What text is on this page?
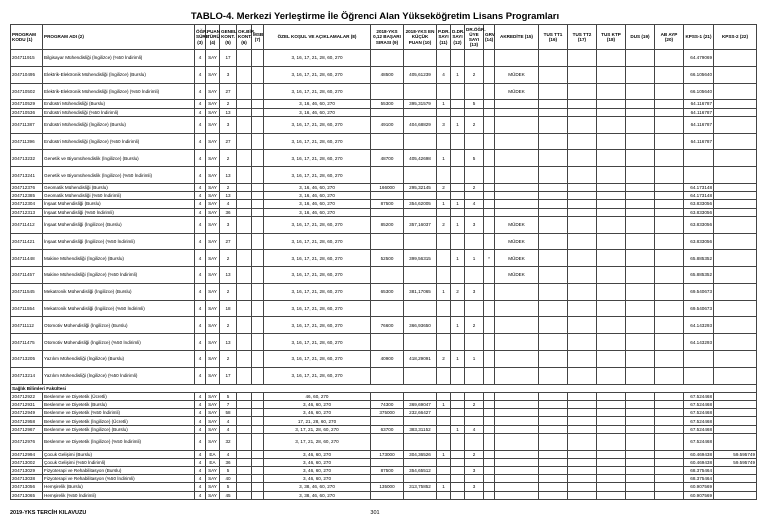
TABLO-4. Merkezi Yerleştirme İle Öğrenci Alan Yükseköğretim Lisans Programları
PROGRAM KODU (1)	PROGRAM ADI (2)	ÖĞR. SÜRE (3)	PUAN TÜRÜ (4)	GENEL KONT. (5)	OK.BİR. KONT. (6)	MSB (7)	ÖZEL KOŞUL VE AÇIKLAMALAR (8)	2018-YKS 0,12 BAŞARI SIRASI (9)	2018-YKS EN KÜÇÜK PUAN (10)	P.DR. SAYI (11)	D.DR. SAYI (12)	DR.ÖĞR. ÜYE SAYI (13)	GRV (14)	AKREDİTE (15)	TUS TT1 (16)	TUS TT2 (17)	TUS KTP (18)	DUS (19)	AB AYP (20)	KPSS-1 (21)	KPSS-2 (22)
204711915	Bilgisayar Mühendisliği (İngilizce) (%50 İndirimli)	4	SAY	17			3, 16, 17, 21, 28, 60, 270													64.479069	
204710495	Elektrik-Elektronik Mühendisliği (İngilizce) (Burslu)	4	SAY	3			3, 16, 17, 21, 28, 60, 270	48500	405,61239	4	1	2		MÜDEK						66.105640	
204710502	Elektrik-Elektronik Mühendisliği (İngilizce) (%50 İndirimli)	4	SAY	27			3, 16, 17, 21, 28, 60, 270							MÜDEK						66.105640	
204710529	Endüstri Mühendisliği (Burslu)	4	SAY	2			3, 16, 46, 60, 270	55300	395,31579	1		5								64.116787	
204710536	Endüstri Mühendisliği (%50 İndirimli)	4	SAY	13			3, 16, 46, 60, 270													64.116787	
204711387	Endüstri Mühendisliği (İngilizce) (Burslu)	4	SAY	3			3, 16, 17, 21, 28, 60, 270	49100	404,68829	3	1	2								64.116787	
204711396	Endüstri Mühendisliği (İngilizce) (%50 İndirimli)	4	SAY	27			3, 16, 17, 21, 28, 60, 270													64.116787	
204713232	Genetik ve Biyomühendislik (İngilizce) (Burslu)	4	SAY	2			3, 16, 17, 21, 28, 60, 270	48700	405,42698	1		5									
204713241	Genetik ve Biyomühendislik (İngilizce) (%50 İndirimli)	4	SAY	13			3, 16, 17, 21, 28, 60, 270														
204712376	Geomatik Mühendisliği (Burslu)	4	SAY	2			3, 16, 46, 60, 270	166000	295,32145	2		2								64.173148	
204712385	Geomatik Mühendisliği (%50 İndirimli)	4	SAY	13			3, 16, 46, 60, 270													64.173148	
204712304	İnşaat Mühendisliği (Burslu)	4	SAY	4			3, 16, 46, 60, 270	87500	354,62005	1	1	4								63.833056	
204712313	İnşaat Mühendisliği (%50 İndirimli)	4	SAY	36			3, 16, 46, 60, 270													63.833056	
204711412	İnşaat Mühendisliği (İngilizce) (Burslu)	4	SAY	3			3, 16, 17, 21, 28, 60, 270	85200	357,16037	2	1	3		MÜDEK						63.833056	
204711421	İnşaat Mühendisliği (İngilizce) (%50 İndirimli)	4	SAY	27			3, 16, 17, 21, 28, 60, 270							MÜDEK						63.833056	
204711448	Makine Mühendisliği (İngilizce) (Burslu)	4	SAY	2			3, 16, 17, 21, 28, 60, 270	52500	399,56315		1	1	*	MÜDEK						65.885352	
204711457	Makine Mühendisliği (İngilizce) (%50 İndirimli)	4	SAY	13			3, 16, 17, 21, 28, 60, 270							MÜDEK						65.885352	
204711545	Mekatronik Mühendisliği (İngilizce) (Burslu)	4	SAY	2			3, 16, 17, 21, 28, 60, 270	65300	381,17065	1	2	3								69.540673	
204711554	Mekatronik Mühendisliği (İngilizce) (%50 İndirimli)	4	SAY	18			3, 16, 17, 21, 28, 60, 270													69.540673	
204711112	Otomotiv Mühendisliği (İngilizce) (Burslu)	4	SAY	2			3, 16, 17, 21, 28, 60, 270	76600	366,93650		1	2								64.143293	
204711475	Otomotiv Mühendisliği (İngilizce) (%50 İndirimli)	4	SAY	13			3, 16, 17, 21, 28, 60, 270													64.143293	
204713205	Yazılım Mühendisliği (İngilizce) (Burslu)	4	SAY	2			3, 16, 17, 21, 28, 60, 270	40900	418,29091	2	1	1									
204713214	Yazılım Mühendisliği (İngilizce) (%50 İndirimli)	4	SAY	17			3, 16, 17, 21, 28, 60, 270														
Sağlık Bilimleri Fakültesi																					
204712922	Beslenme ve Diyetetik (Ücretli)	4	SAY	5			46, 60, 270													67.524468	
204712931	Beslenme ve Diyetetik (Burslu)	4	SAY	7			3, 46, 60, 270	74300	369,69047	1		2								67.524468	
204712949	Beslenme ve Diyetetik (%50 İndirimli)	4	SAY	58			3, 46, 60, 270	375000	232,66427											67.524468	
204712958	Beslenme ve Diyetetik (İngilizce) (Ücretli)	4	SAY	4			17, 21, 28, 60, 270													67.524468	
204712967	Beslenme ve Diyetetik (İngilizce) (Burslu)	4	SAY	4			3, 17, 21, 28, 60, 270	63700	383,31152		1	4								67.524468	
204712976	Beslenme ve Diyetetik (İngilizce) (%50 İndirimli)	4	SAY	32			3, 17, 21, 28, 60, 270													67.524468	
204712994	Çocuk Gelişimi (Burslu)	4	EA	4			3, 46, 60, 270	173000	304,36526	1		2								60.469438	59.595749
204713002	Çocuk Gelişimi (%50 İndirimli)	4	EA	36			3, 46, 60, 270													60.469438	59.595749
204713029	Fizyoterapi ve Rehabilitasyon (Burslu)	4	SAY	5			3, 46, 60, 270	87500	354,65512			3								68.375464	
204713038	Fizyoterapi ve Rehabilitasyon (%50 İndirimli)	4	SAY	40			3, 46, 60, 270													68.375464	
204713056	Hemşirelik (Burslu)	4	SAY	5			3, 38, 46, 60, 270	135000	313,75852	1		3								60.907569	
204713065	Hemşirelik (%50 İndirimli)	4	SAY	45			3, 38, 46, 60, 270													60.907569	
2019-YKS TERCİH KILAVUZU	301
